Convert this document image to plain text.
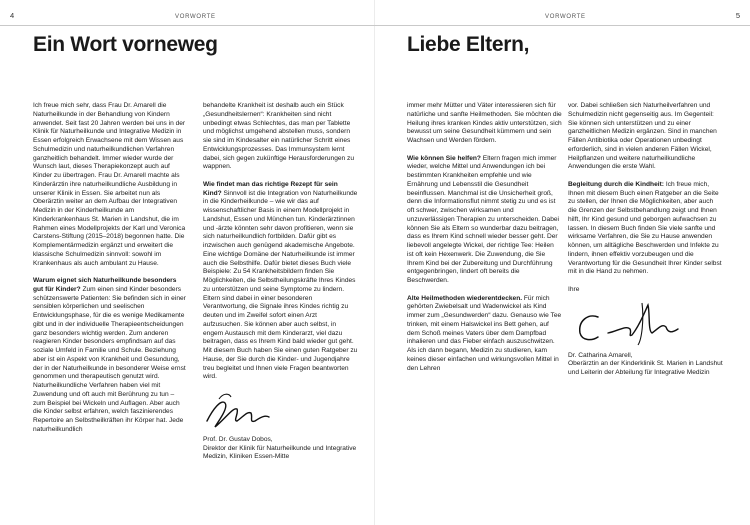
4	VORWORTE
Ein Wort vorneweg

Ich freue mich sehr, dass Frau Dr. Amarell die Naturheilkunde in der Behandlung von Kindern anwendet. Seit fast 20 Jahren werden bei uns in der Klinik für Naturheilkunde und Integrative Medizin in Essen erfolgreich Erwachsene mit dem Wissen aus Schulmedizin und naturheilkundlichen Verfahren ganzheitlich behandelt. Immer wieder wurde der Wunsch laut, dieses Therapiekonzept auch auf Kinder zu übertragen. Frau Dr. Amarell machte als Kinderärztin ihre naturheilkundliche Ausbildung in unserer Klinik in Essen. Sie arbeitet nun als Oberärztin weiter an dem Aufbau der Integrativen Medizin in der Kinderheilkunde am Kinderkrankenhaus St. Marien in Landshut, die im Rahmen eines Modellprojekts der Karl und Veronica Carstens-Stiftung (2015–2018) begonnen hatte. Die Komplementärmedizin ergänzt und erweitert die klassische Schulmedizin sinnvoll: sowohl im Krankenhaus als auch ambulant zu Hause.

Warum eignet sich Naturheilkunde besonders gut für Kinder? Zum einen sind Kinder besonders schützenswerte Patienten: Sie befinden sich in einer sensiblen körperlichen und seelischen Entwicklungsphase, für die es wenige Medikamente gibt und in der individuelle Therapieentscheidungen ganz besonders wichtig werden. Zum anderen reagieren Kinder besonders empfindsam auf das soziale Umfeld in Familie und Schule. Beziehung aber ist ein Aspekt von Krankheit und Gesundung, der in der Naturheilkunde in besonderer Weise ernst genommen und therapeutisch genutzt wird. Naturheilkundliche Verfahren haben viel mit Zuwendung und oft auch mit Berührung zu tun – zum Beispiel bei Wickeln und Auflagen. Aber auch die Kinder selbst erfahren, welch faszinierendes Repertoire an Selbstheilkräften ihr Körper hat. Jede naturheilkundlich

behandelte Krankheit ist deshalb auch ein Stück „Gesundheitslernen“: Krankheiten sind nicht unbedingt etwas Schlechtes, das man per Tablette und möglichst umgehend abstellen muss, sondern sie sind im Kindesalter ein natürlicher Schritt eines Entwicklungsprozesses. Das Immunsystem lernt dabei, sich gegen zukünftige Herausforderungen zu wappnen.

Wie findet man das richtige Rezept für sein Kind? Sinnvoll ist die Integration von Naturheilkunde in die Kinderheilkunde – wie wir das auf wissenschaftlicher Basis in einem Modellprojekt in Landshut, Essen und München tun. Kinderärztinnen und -ärzte könnten sehr davon profitieren, wenn sie sich naturheilkundlich fortbilden. Dafür gibt es inzwischen auch genügend akademische Angebote. Eine wichtige Domäne der Naturheilkunde ist immer auch die Selbsthilfe. Dafür bietet dieses Buch viele Beispiele: Zu 54 Krankheitsbildern finden Sie Möglichkeiten, die Selbstheilungskräfte Ihres Kindes zu unterstützen und seine Symptome zu lindern. Eltern sind dabei in einer besonderen Verantwortung, die Signale ihres Kindes richtig zu deuten und im Zweifel sofort einen Arzt aufzusuchen. Sie können aber auch selbst, in engem Austausch mit dem Kinderarzt, viel dazu beitragen, dass es Ihrem Kind bald wieder gut geht. Mit diesem Buch haben Sie einen guten Ratgeber zu Hause, der Sie durch die Kinder- und Jugendjahre treu begleitet und Ihnen viele Fragen beantworten wird.

Prof. Dr. Gustav Dobos,
Direktor der Klinik für Naturheilkunde und Integrative Medizin, Kliniken Essen-Mitte
5
VORWORTE
Liebe Eltern,

immer mehr Mütter und Väter interessieren sich für natürliche und sanfte Heilmethoden. Sie möchten die Heilung ihres kranken Kindes aktiv unterstützen, sich bewusst um seine Gesundheit kümmern und sein Wachsen und Werden fördern.

Wie können Sie helfen? Eltern fragen mich immer wieder, welche Mittel und Anwendungen ich bei bestimmten Krankheiten empfehle und wie Ernährung und Lebensstil die Gesundheit beeinflussen. Manchmal ist die Unsicherheit groß, denn die Informationsflut nimmt stetig zu und es ist oft schwer, zwischen wirksamen und unzuverlässigen Therapien zu unterscheiden. Dabei können Sie als Eltern so wunderbar dazu beitragen, dass es Ihrem Kind schnell wieder besser geht. Der liebevoll angelegte Wickel, der richtige Tee: Heilen ist oft kein Hexenwerk. Die Zuwendung, die Sie Ihrem Kind bei der Zubereitung und Durchführung entgegenbringen, lindert oft bereits die Beschwerden.

Alte Heilmethoden wiederentdecken. Für mich gehörten Zwiebelsalt und Wadenwickel als Kind immer zum „Gesundwerden“ dazu. Genauso wie Tee trinken, mit einem Halswickel ins Bett gehen, auf dem Schoß meines Vaters über dem Dampfbad inhalieren und das Fieber einfach auszuschwitzen. Als ich dann begann, Medizin zu studieren, kam keines dieser einfachen und wirkungsvollen Mittel in den Lehren

vor. Dabei schließen sich Naturheilverfahren und Schulmedizin nicht gegenseitig aus. Im Gegenteil: Sie können sich unterstützen und zu einer ganzheitlichen Medizin ergänzen. Sind in manchen Fällen Antibiotika oder Operationen unbedingt erforderlich, sind in vielen anderen Fällen Wickel, Heilpflanzen und weitere naturheilkundliche Anwendungen die erste Wahl.

Begleitung durch die Kindheit: Ich freue mich, Ihnen mit diesem Buch einen Ratgeber an die Seite zu stellen, der Ihnen die Möglichkeiten, aber auch die Grenzen der Selbstbehandlung zeigt und Ihnen hilft, Ihr Kind gesund und geborgen aufwachsen zu lassen. In diesem Buch finden Sie viele sanfte und wirksame Verfahren, die Sie zu Hause anwenden können, um alltägliche Beschwerden und Infekte zu lindern, ihnen effektiv vorzubeugen und die Verantwortung für die Gesundheit Ihrer Kinder selbst mit in die Hand zu nehmen.

Ihre
Dr. Catharina Amarell,
Oberärztin an der Kinderklinik St. Marien in Landshut und Leiterin der Abteilung für Integrative Medizin
